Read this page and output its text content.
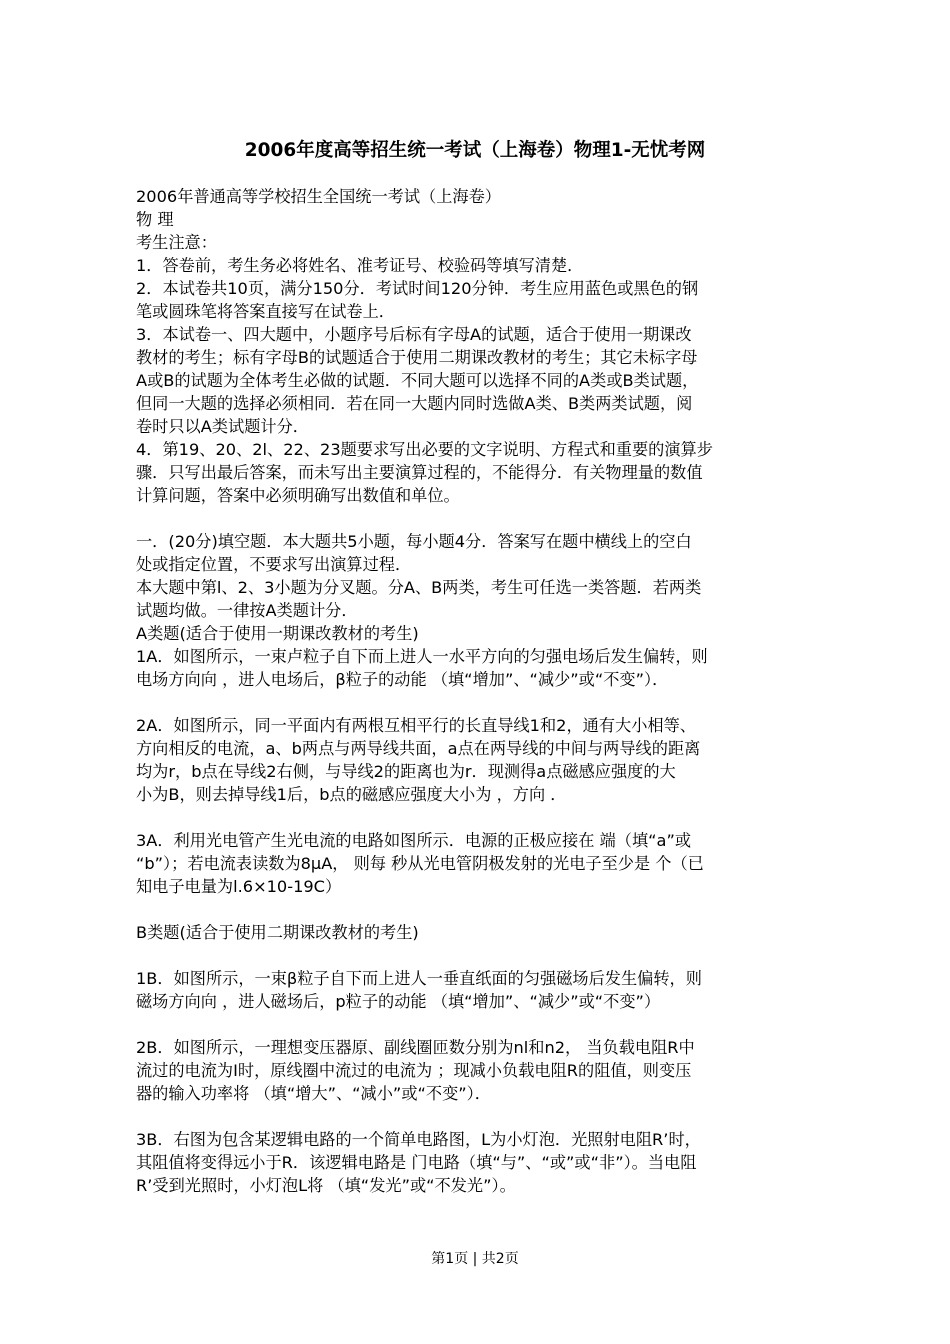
2006年度高等招生统一考试（上海卷）物理1-无忧考网

2006年普通高等学校招生全国统一考试（上海卷）

物 理

考生注意：

1．答卷前，考生务必将姓名、准考证号、校验码等填写清楚．

2．本试卷共10页，满分150分．考试时间120分钟．考生应用蓝色或黑色的钢
笔或圆珠笔将答案直接写在试卷上．

3．本试卷一、四大题中，小题序号后标有字母A的试题，适合于使用一期课改
教材的考生；标有字母B的试题适合于使用二期课改教材的考生；其它未标字母
A或B的试题为全体考生必做的试题．不同大题可以选择不同的A类或B类试题，
但同一大题的选择必须相同．若在同一大题内同时选做A类、B类两类试题，阅
卷时只以A类试题计分．

4．第19、20、2l、22、23题要求写出必要的文字说明、方程式和重要的演算步
骤．只写出最后答案，而未写出主要演算过程的，不能得分．有关物理量的数值
计算问题，答案中必须明确写出数值和单位。

一．(20分)填空题．本大题共5小题，每小题4分．答案写在题中横线上的空白
处或指定位置，不要求写出演算过程．

本大题中第l、2、3小题为分叉题。分A、B两类，考生可任选一类答题．若两类
试题均做。一律按A类题计分．

A类题(适合于使用一期课改教材的考生)

1A．如图所示，一束卢粒子自下而上进人一水平方向的匀强电场后发生偏转，则
电场方向向 ，进人电场后，β粒子的动能 （填“增加”、“减少”或“不变”）．

2A．如图所示，同一平面内有两根互相平行的长直导线1和2，通有大小相等、
方向相反的电流，a、b两点与两导线共面，a点在两导线的中间与两导线的距离
均为r，b点在导线2右侧，与导线2的距离也为r．现测得a点磁感应强度的大
小为B，则去掉导线1后，b点的磁感应强度大小为 ，方向 ．

3A．利用光电管产生光电流的电路如图所示．电源的正极应接在 端（填“a”或
“b”）；若电流表读数为8μA， 则每 秒从光电管阴极发射的光电子至少是 个（已
知电子电量为l.6×10-19C）

B类题(适合于使用二期课改教材的考生)

1B．如图所示，一束β粒子自下而上进人一垂直纸面的匀强磁场后发生偏转，则
磁场方向向 ，进人磁场后，p粒子的动能 （填“增加”、“减少”或“不变”）

2B．如图所示，一理想变压器原、副线圈匝数分别为nl和n2， 当负载电阻R中
流过的电流为I时，原线圈中流过的电流为 ；现减小负载电阻R的阻值，则变压
器的输入功率将 （填“增大”、“减小”或“不变”）．

3B．右图为包含某逻辑电路的一个简单电路图，L为小灯泡．光照射电阻R’时，
其阻值将变得远小于R．该逻辑电路是 门电路（填“与”、“或”或“非”）。当电阻
R’受到光照时，小灯泡L将 （填“发光”或“不发光”）。

第1页 | 共2页
